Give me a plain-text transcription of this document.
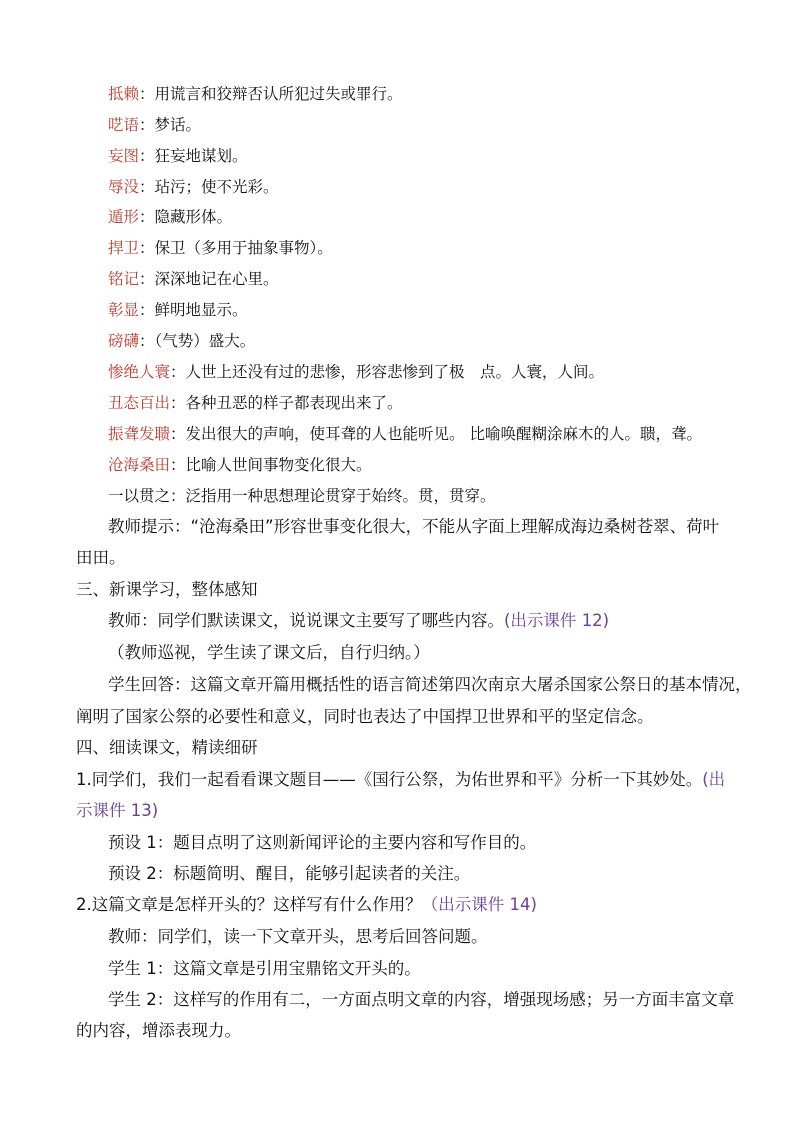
抵赖：用谎言和狡辩否认所犯过失或罪行。
呓语：梦话。
妄图：狂妄地谋划。
辱没：玷污；使不光彩。
遁形：隐藏形体。
捍卫：保卫（多用于抽象事物）。
铭记：深深地记在心里。
彰显：鲜明地显示。
磅礴：（气势）盛大。
惨绝人寰：人世上还没有过的悲惨，形容悲惨到了极　点。人寰，人间。
丑态百出：各种丑恶的样子都表现出来了。
振聋发聩：发出很大的声响，使耳聋的人也能听见。 比喻唤醒糊涂麻木的人。聩，聋。
沧海桑田：比喻人世间事物变化很大。
一以贯之：泛指用一种思想理论贯穿于始终。贯，贯穿。
教师提示：“沧海桑田”形容世事变化很大，不能从字面上理解成海边桑树苍翠、荷叶
田田。
三、新课学习，整体感知
教师：同学们默读课文，说说课文主要写了哪些内容。(出示课件 12)
（教师巡视，学生读了课文后，自行归纳。）
学生回答：这篇文章开篇用概括性的语言简述第四次南京大屠杀国家公祭日的基本情况，
阐明了国家公祭的必要性和意义，同时也表达了中国捍卫世界和平的坚定信念。
四、细读课文，精读细研
1.同学们，我们一起看看课文题目——《国行公祭，为佑世界和平》分析一下其妙处。(出
示课件 13)
预设 1：题目点明了这则新闻评论的主要内容和写作目的。
预设 2：标题简明、醒目，能够引起读者的关注。
2.这篇文章是怎样开头的？这样写有什么作用？（出示课件 14)
教师：同学们，读一下文章开头，思考后回答问题。
学生 1：这篇文章是引用宝鼎铭文开头的。
学生 2：这样写的作用有二，一方面点明文章的内容，增强现场感；另一方面丰富文章
的内容，增添表现力。
